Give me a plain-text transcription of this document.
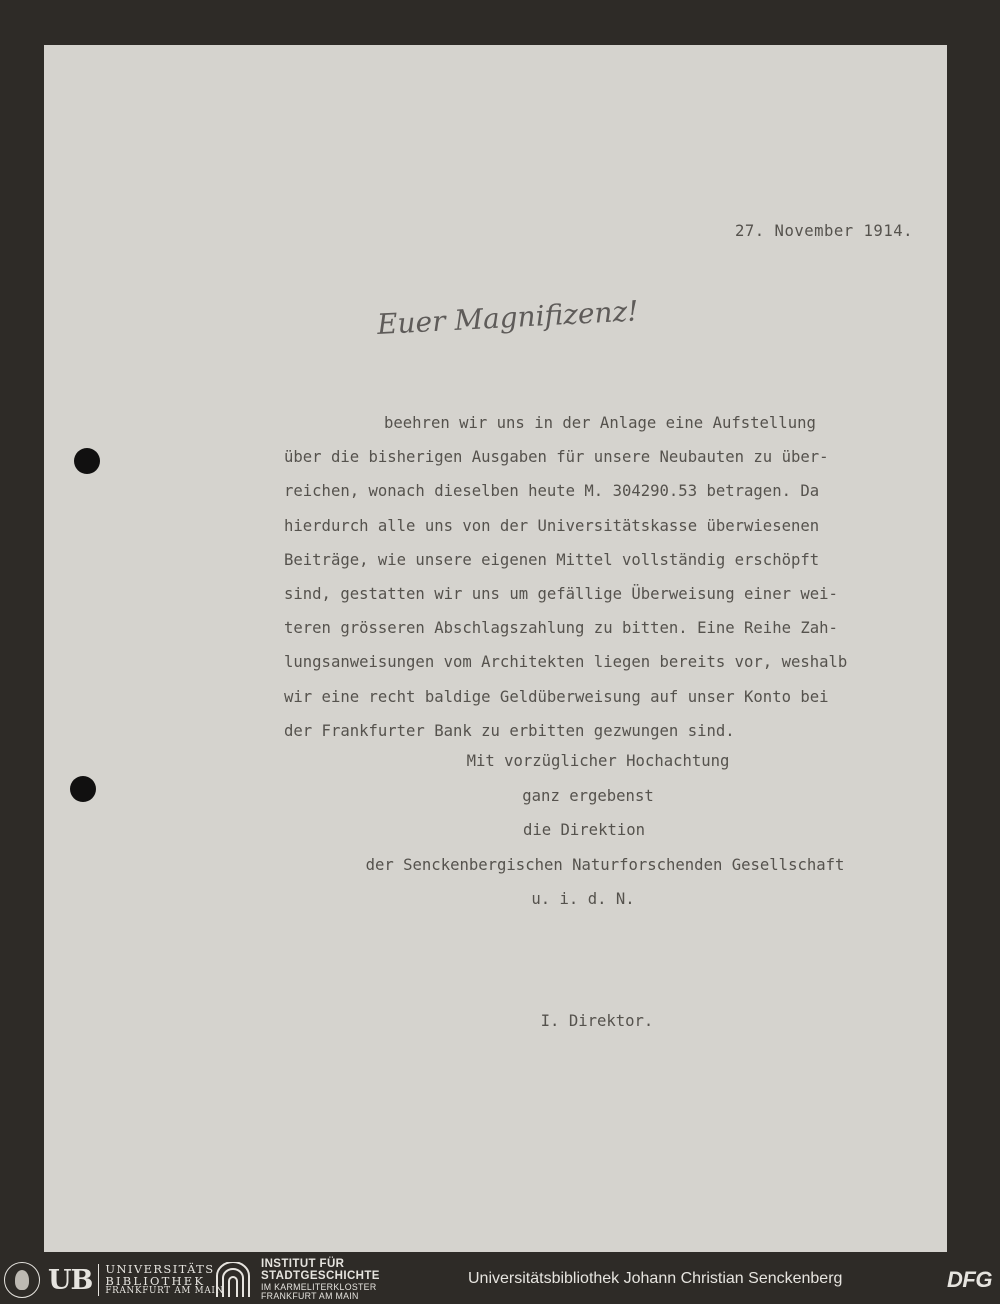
27. November 1914.
Euer Magnifizenz!
beehren wir uns in der Anlage eine Aufstellung
über die bisherigen Ausgaben für unsere Neubauten zu über-
reichen, wonach dieselben heute M. 304290.53 betragen. Da
hierdurch alle uns von der Universitätskasse überwiesenen
Beiträge, wie unsere eigenen Mittel vollständig erschöpft
sind, gestatten wir uns um gefällige Überweisung einer wei-
teren grösseren Abschlagszahlung zu bitten. Eine Reihe Zah-
lungsanweisungen vom Architekten liegen bereits vor, weshalb
wir eine recht baldige Geldüberweisung auf unser Konto bei
der Frankfurter Bank zu erbitten gezwungen sind.
Mit vorzüglicher Hochachtung
ganz ergebenst
die Direktion
der Senckenbergischen Naturforschenden Gesellschaft
u. i. d. N.
I. Direktor.
UB UNIVERSITÄTS
BIBLIOTHEK
FRANKFURT AM MAIN
INSTITUT FÜR
STADTGESCHICHTE
IM KARMELITERKLOSTER
FRANKFURT AM MAIN
Universitätsbibliothek Johann Christian Senckenberg	DFG
